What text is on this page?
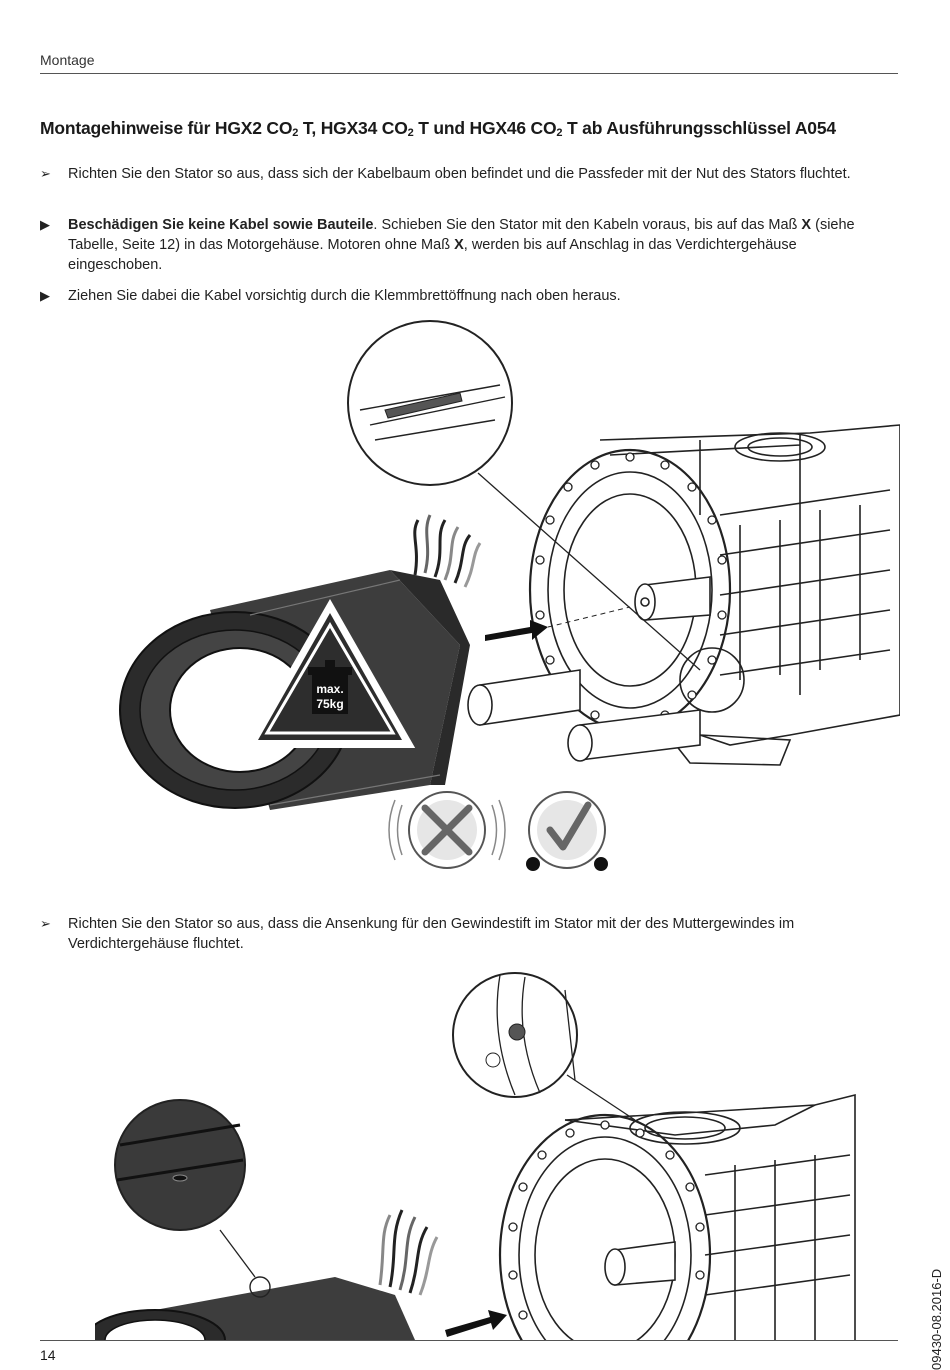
Montage
Montagehinweise für HGX2 $CO_2$ T, HGX34 $CO_2$ T und HGX46 $CO_2$ T ab Ausführungsschlüssel A054
➢	Richten Sie den Stator so aus, dass sich der Kabelbaum oben befindet und die Passfeder mit der Nut des Stators fluchtet.
▶	Beschädigen Sie keine Kabel sowie Bauteile. Schieben Sie den Stator mit den Kabeln voraus, bis auf das Maß X (siehe Tabelle, Seite 12) in das Motorgehäuse. Motoren ohne Maß X, werden bis auf Anschlag in das Verdichtergehäuse eingeschoben.
▶	Ziehen Sie dabei die Kabel vorsichtig durch die Klemmbrettöffnung nach oben heraus.
max.
75kg
➢	Richten Sie den Stator so aus, dass die Ansenkung für den Gewindestift im Stator mit der des Muttergewindes im Verdichtergehäuse fluchtet.
14	09430-08.2016-D
